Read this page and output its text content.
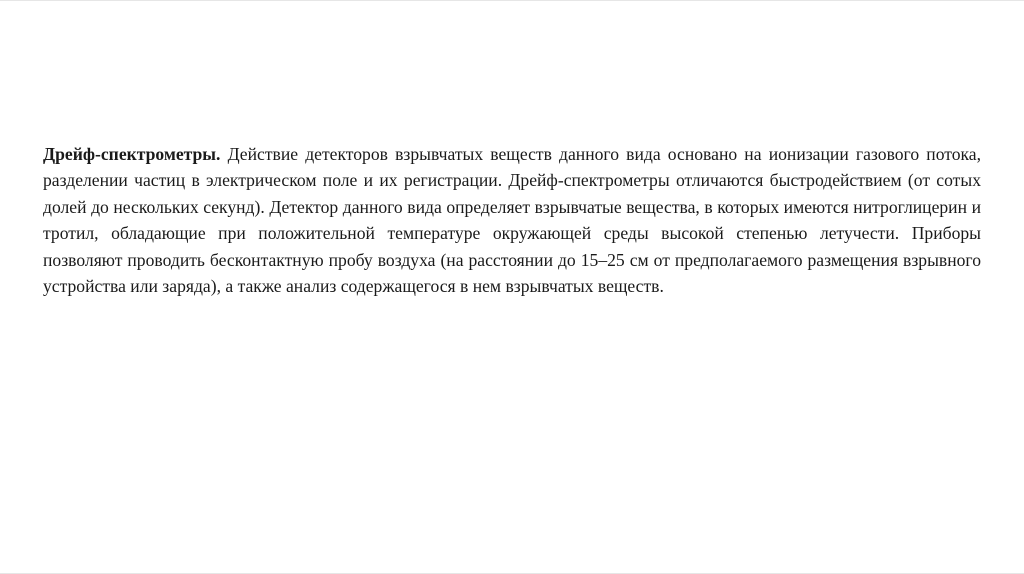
Дрейф-спектрометры. Действие детекторов взрывчатых веществ данного вида основано на ионизации газового потока, разделении частиц в электрическом поле и их регистрации. Дрейф-спектрометры отличаются быстродействием (от сотых долей до нескольких секунд). Детектор данного вида определяет взрывчатые вещества, в которых имеются нитроглицерин и тротил, обладающие при положительной температуре окружающей среды высокой степенью летучести. Приборы позволяют проводить бесконтактную пробу воздуха (на расстоянии до 15–25 см от предполагаемого размещения взрывного устройства или заряда), а также анализ содержащегося в нем взрывчатых веществ.
